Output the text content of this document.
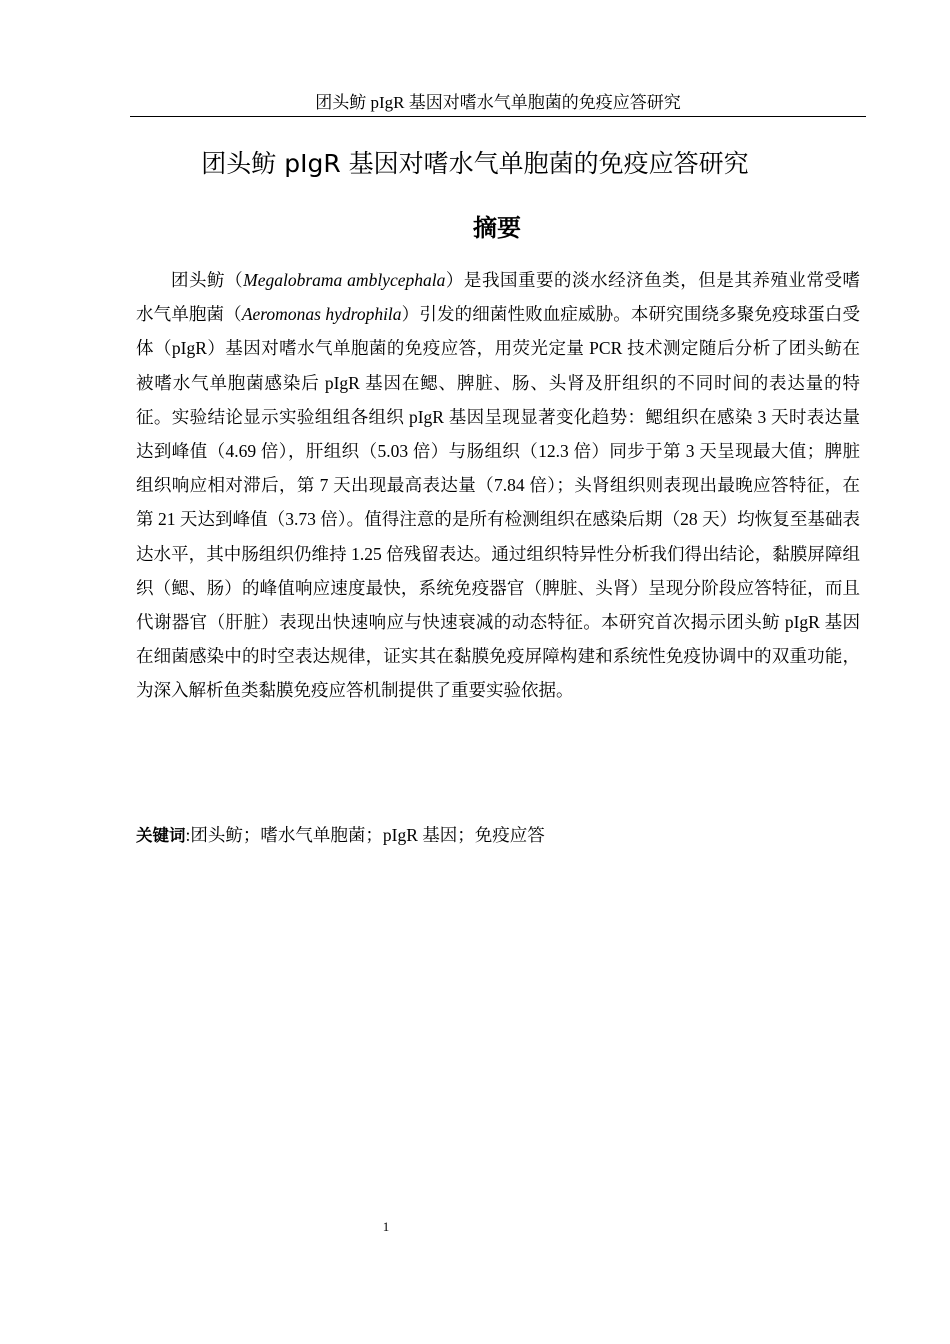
团头鲂 pIgR 基因对嗜水气单胞菌的免疫应答研究
团头鲂 pIgR 基因对嗜水气单胞菌的免疫应答研究
摘要

团头鲂（Megalobrama amblycephala）是我国重要的淡水经济鱼类，但是其养殖业常受嗜水气单胞菌（Aeromonas hydrophila）引发的细菌性败血症威胁。本研究围绕多聚免疫球蛋白受体（pIgR）基因对嗜水气单胞菌的免疫应答，用荧光定量 PCR 技术测定随后分析了团头鲂在被嗜水气单胞菌感染后 pIgR 基因在鳃、脾脏、肠、头肾及肝组织的不同时间的表达量的特征。实验结论显示实验组组各组织 pIgR 基因呈现显著变化趋势：鳃组织在感染 3 天时表达量达到峰值（4.69 倍），肝组织（5.03 倍）与肠组织（12.3 倍）同步于第 3 天呈现最大值；脾脏组织响应相对滞后，第 7 天出现最高表达量（7.84 倍）；头肾组织则表现出最晚应答特征，在第 21 天达到峰值（3.73 倍）。值得注意的是所有检测组织在感染后期（28 天）均恢复至基础表达水平，其中肠组织仍维持 1.25 倍残留表达。通过组织特异性分析我们得出结论，黏膜屏障组织（鳃、肠）的峰值响应速度最快，系统免疫器官（脾脏、头肾）呈现分阶段应答特征，而且代谢器官（肝脏）表现出快速响应与快速衰减的动态特征。本研究首次揭示团头鲂 pIgR 基因在细菌感染中的时空表达规律，证实其在黏膜免疫屏障构建和系统性免疫协调中的双重功能，为深入解析鱼类黏膜免疫应答机制提供了重要实验依据。

关键词:团头鲂；嗜水气单胞菌；pIgR 基因；免疫应答
1
